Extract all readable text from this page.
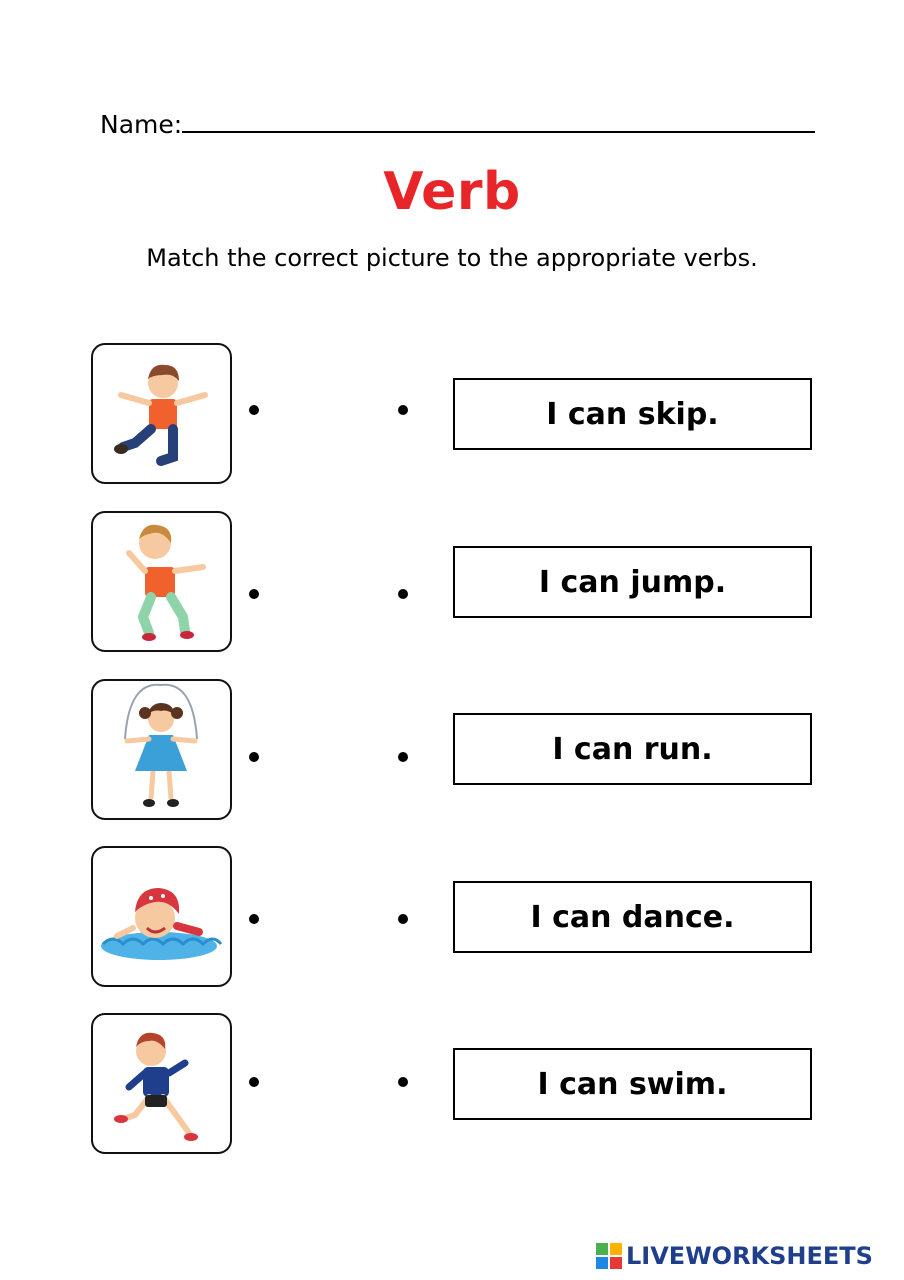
Name:
Verb
Match the correct picture to the appropriate verbs.
I can skip.
I can jump.
I can run.
I can dance.
I can swim.
LIVEWORKSHEETS
